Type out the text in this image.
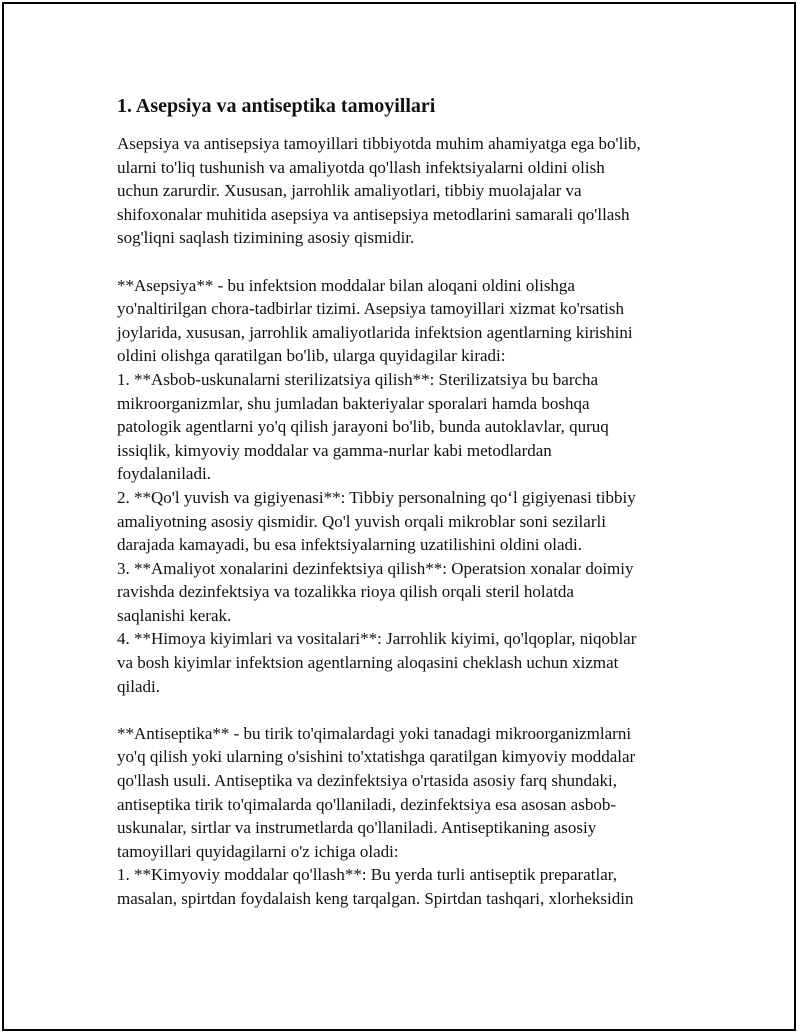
1. Asepsiya va antiseptika tamoyillari
Asepsiya va antisepsiya tamoyillari tibbiyotda muhim ahamiyatga ega bo'lib,
ularni to'liq tushunish va amaliyotda qo'llash infektsiyalarni oldini olish
uchun zarurdir. Xususan, jarrohlik amaliyotlari, tibbiy muolajalar va
shifoxonalar muhitida asepsiya va antisepsiya metodlarini samarali qo'llash
sog'liqni saqlash tizimining asosiy qismidir.
**Asepsiya** - bu infektsion moddalar bilan aloqani oldini olishga
yo'naltirilgan chora-tadbirlar tizimi. Asepsiya tamoyillari xizmat ko'rsatish
joylarida, xususan, jarrohlik amaliyotlarida infektsion agentlarning kirishini
oldini olishga qaratilgan bo'lib, ularga quyidagilar kiradi:
1. **Asbob-uskunalarni sterilizatsiya qilish**: Sterilizatsiya bu barcha
mikroorganizmlar, shu jumladan bakteriyalar sporalari hamda boshqa
patologik agentlarni yo'q qilish jarayoni bo'lib, bunda autoklavlar, quruq
issiqlik, kimyoviy moddalar va gamma-nurlar kabi metodlardan
foydalaniladi.
2. **Qo'l yuvish va gigiyenasi**: Tibbiy personalning qo‘l gigiyenasi tibbiy
amaliyotning asosiy qismidir. Qo'l yuvish orqali mikroblar soni sezilarli
darajada kamayadi, bu esa infektsiyalarning uzatilishini oldini oladi.
3. **Amaliyot xonalarini dezinfektsiya qilish**: Operatsion xonalar doimiy
ravishda dezinfektsiya va tozalikka rioya qilish orqali steril holatda
saqlanishi kerak.
4. **Himoya kiyimlari va vositalari**: Jarrohlik kiyimi, qo'lqoplar, niqoblar
va bosh kiyimlar infektsion agentlarning aloqasini cheklash uchun xizmat
qiladi.
**Antiseptika** - bu tirik to'qimalardagi yoki tanadagi mikroorganizmlarni
yo'q qilish yoki ularning o'sishini to'xtatishga qaratilgan kimyoviy moddalar
qo'llash usuli. Antiseptika va dezinfektsiya o'rtasida asosiy farq shundaki,
antiseptika tirik to'qimalarda qo'llaniladi, dezinfektsiya esa asosan asbob-
uskunalar, sirtlar va instrumetlarda qo'llaniladi. Antiseptikaning asosiy
tamoyillari quyidagilarni o'z ichiga oladi:
1. **Kimyoviy moddalar qo'llash**: Bu yerda turli antiseptik preparatlar,
masalan, spirtdan foydalaish keng tarqalgan. Spirtdan tashqari, xlorheksidin
